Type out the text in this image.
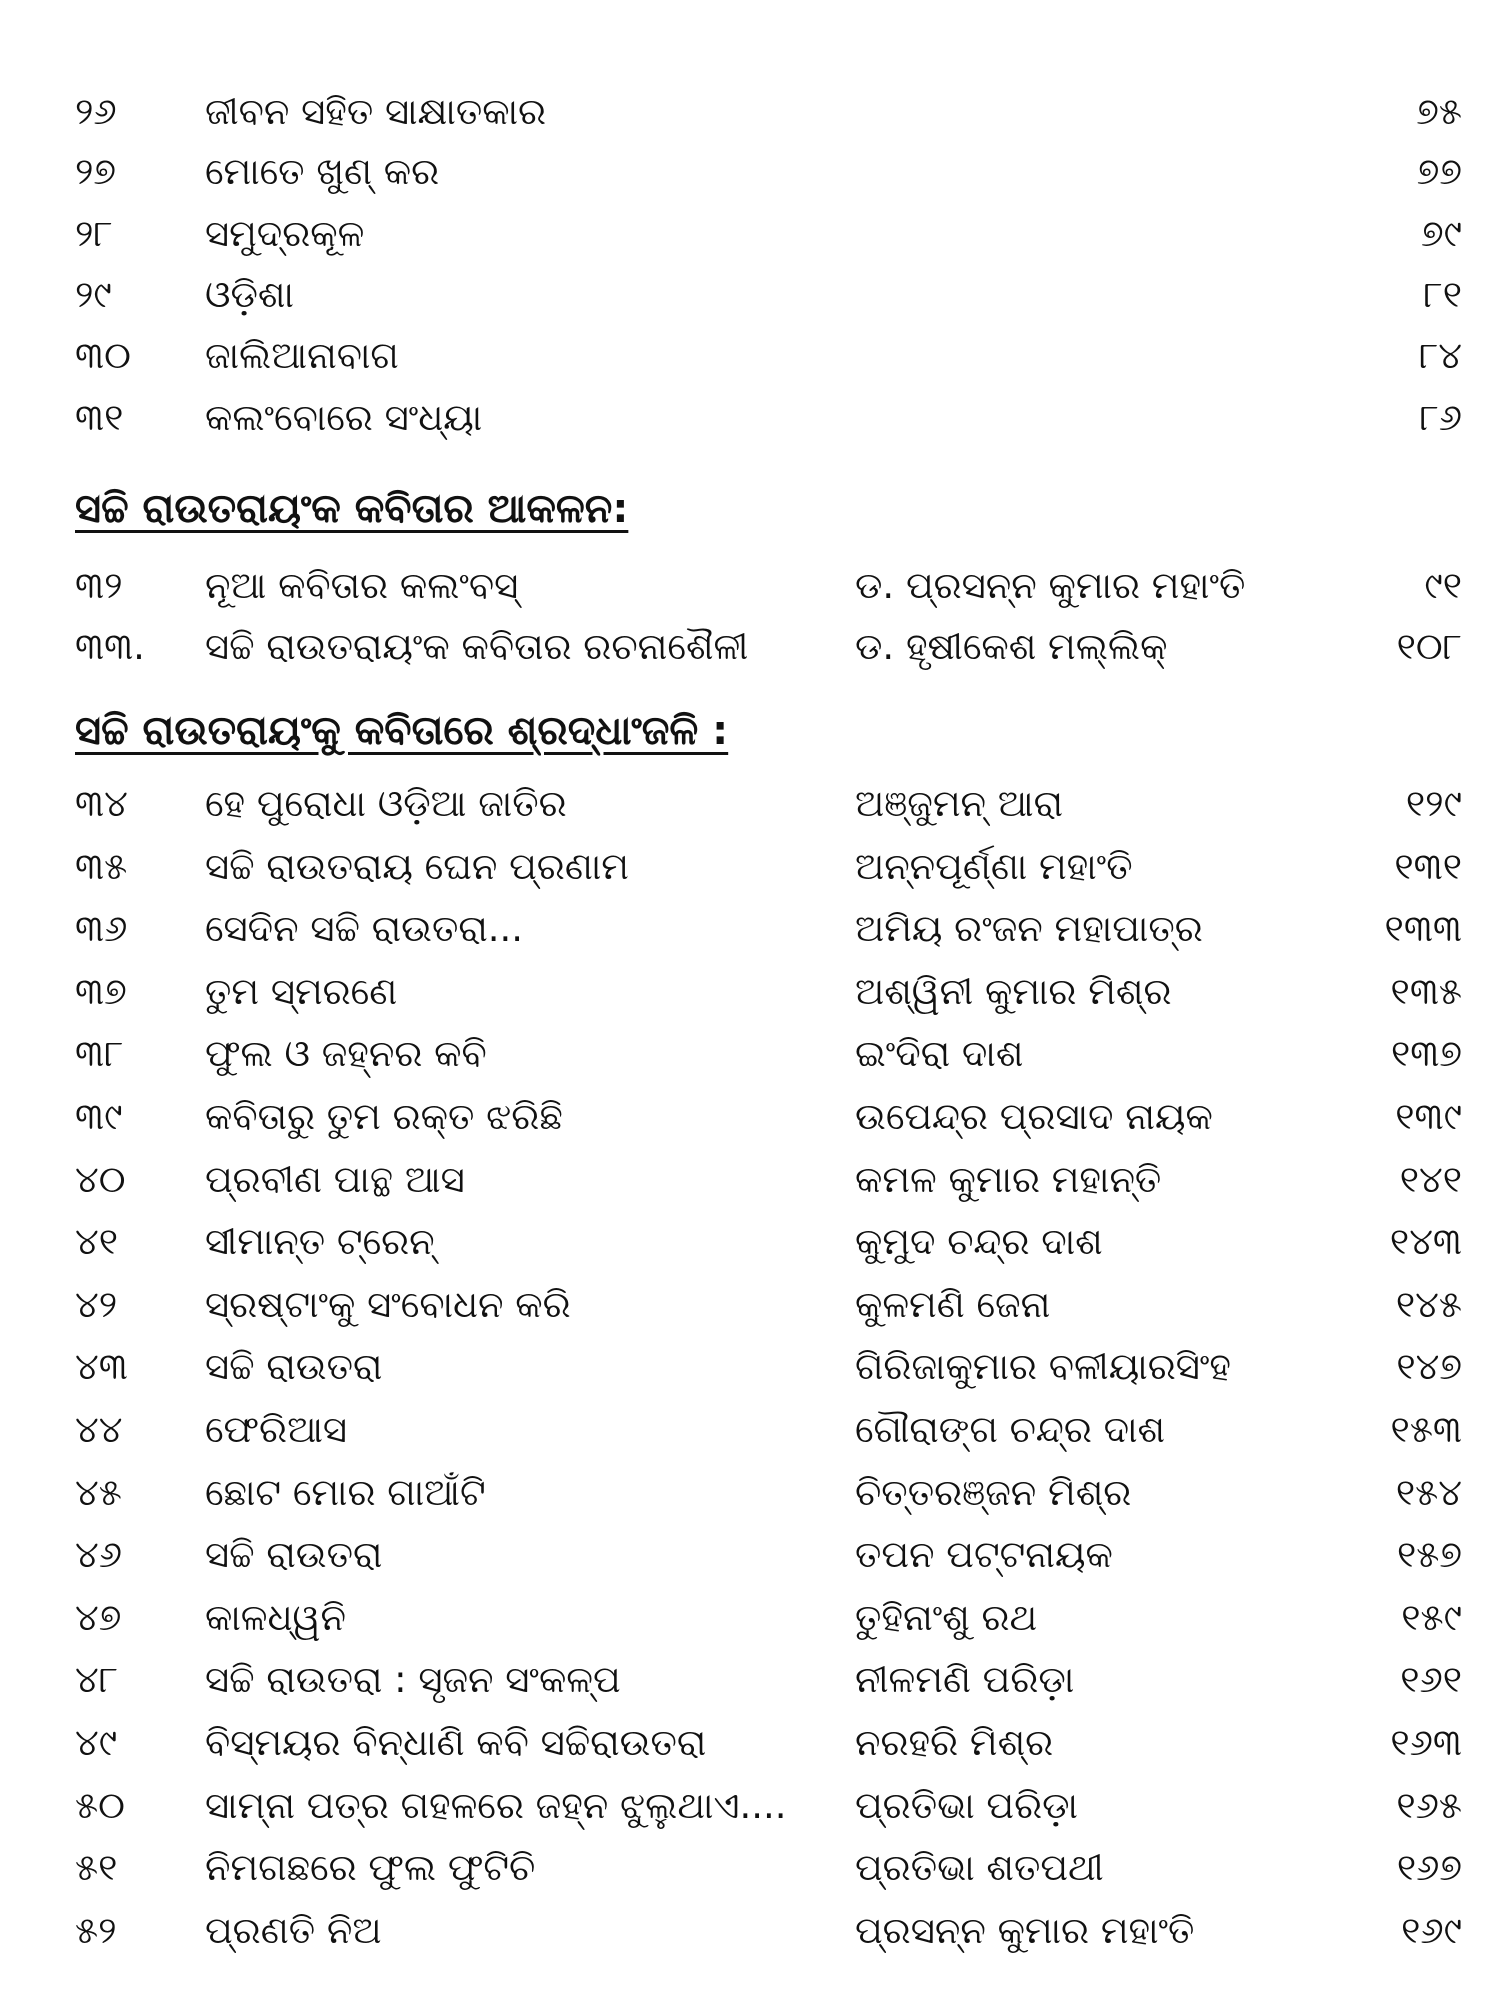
୨୬	ଜୀବନ ସହିତ ସାକ୍ଷାତକାର	୭୫
୨୭	ମୋତେ ଖୁଣ୍ କର	୭୭
୨୮	ସମୁଦ୍ରକୂଳ	୭୯
୨୯	ଓଡ଼ିଶା	୮୧
୩୦	ଜାଲିଆନାବାଗ	୮୪
୩୧	କଲଂବୋରେ ସଂଧ୍ୟା	୮୬
ସଚ୍ଚି ରାଉତରାୟଂକ କବିତାର ଆକଳନ:
୩୨	ନୂଆ କବିତାର କଲଂବସ୍	ଡ. ପ୍ରସନ୍ନ କୁମାର ମହାଂତି	୯୧
୩୩.	ସଚ୍ଚି ରାଉତରାୟଂକ କବିତାର ରଚନାଶୈଳୀ	ଡ. ହୃଷୀକେଶ ମଲ୍ଲିକ୍	୧୦୮
ସଚ୍ଚି ରାଉତରାୟଂକୁ କବିତାରେ ଶ୍ରଦ୍ଧାଂଜଳି :
୩୪	ହେ ପୁରୋଧା ଓଡ଼ିଆ ଜାତିର	ଅଞ୍ଜୁମନ୍ ଆରା	୧୨୯
୩୫	ସଚ୍ଚି ରାଉତରାୟ ଘେନ ପ୍ରଣାମ	ଅନ୍ନପୂର୍ଣ୍ଣା ମହାଂତି	୧୩୧
୩୬	ସେଦିନ ସଚ୍ଚି ରାଉତରା...	ଅମିୟ ରଂଜନ ମହାପାତ୍ର	୧୩୩
୩୭	ତୁମ ସ୍ମରଣେ	ଅଶ୍ୱିନୀ କୁମାର ମିଶ୍ର	୧୩୫
୩୮	ଫୁଲ ଓ ଜହ୍ନର କବି	ଇଂଦିରା ଦାଶ	୧୩୭
୩୯	କବିତାରୁ ତୁମ ରକ୍ତ ଝରିଛି	ଉପେନ୍ଦ୍ର ପ୍ରସାଦ ନାୟକ	୧୩୯
୪୦	ପ୍ରବୀଣ ପାନ୍ଥ ଆସ	କମଳ କୁମାର ମହାନ୍ତି	୧୪୧
୪୧	ସୀମାନ୍ତ ଟ୍ରେନ୍	କୁମୁଦ ଚନ୍ଦ୍ର ଦାଶ	୧୪୩
୪୨	ସ୍ରଷ୍ଟାଂକୁ ସଂବୋଧନ କରି	କୁଳମଣି ଜେନା	୧୪୫
୪୩	ସଚ୍ଚି ରାଉତରା	ଗିରିଜାକୁମାର ବଳୀୟାରସିଂହ	୧୪୭
୪୪	ଫେରିଆସ	ଗୌରାଙ୍ଗ ଚନ୍ଦ୍ର ଦାଶ	୧୫୩
୪୫	ଛୋଟ ମୋର ଗାଆଁଟି	ଚିତ୍ତରଞ୍ଜନ ମିଶ୍ର	୧୫୪
୪୬	ସଚ୍ଚି ରାଉତରା	ତପନ ପଟ୍ଟନାୟକ	୧୫୭
୪୭	କାଳଧ୍ୱନି	ତୁହିନାଂଶୁ ରଥ	୧୫୯
୪୮	ସଚ୍ଚି ରାଉତରା : ସୃଜନ ସଂକଳ୍ପ	ନୀଳମଣି ପରିଡ଼ା	୧୬୧
୪୯	ବିସ୍ମୟର ବିନ୍ଧାଣି କବି ସଚ୍ଚିରାଉତରା	ନରହରି ମିଶ୍ର	୧୬୩
୫୦	ସାମ୍ନା ପତ୍ର ଗହଳରେ ଜହ୍ନ ଝୁଲୁଥାଏ....	ପ୍ରତିଭା ପରିଡ଼ା	୧୬୫
୫୧	ନିମଗଛରେ ଫୁଲ ଫୁଟିଚି	ପ୍ରତିଭା ଶତପଥୀ	୧୬୭
୫୨	ପ୍ରଣତି ନିଅ	ପ୍ରସନ୍ନ କୁମାର ମହାଂତି	୧୬୯
